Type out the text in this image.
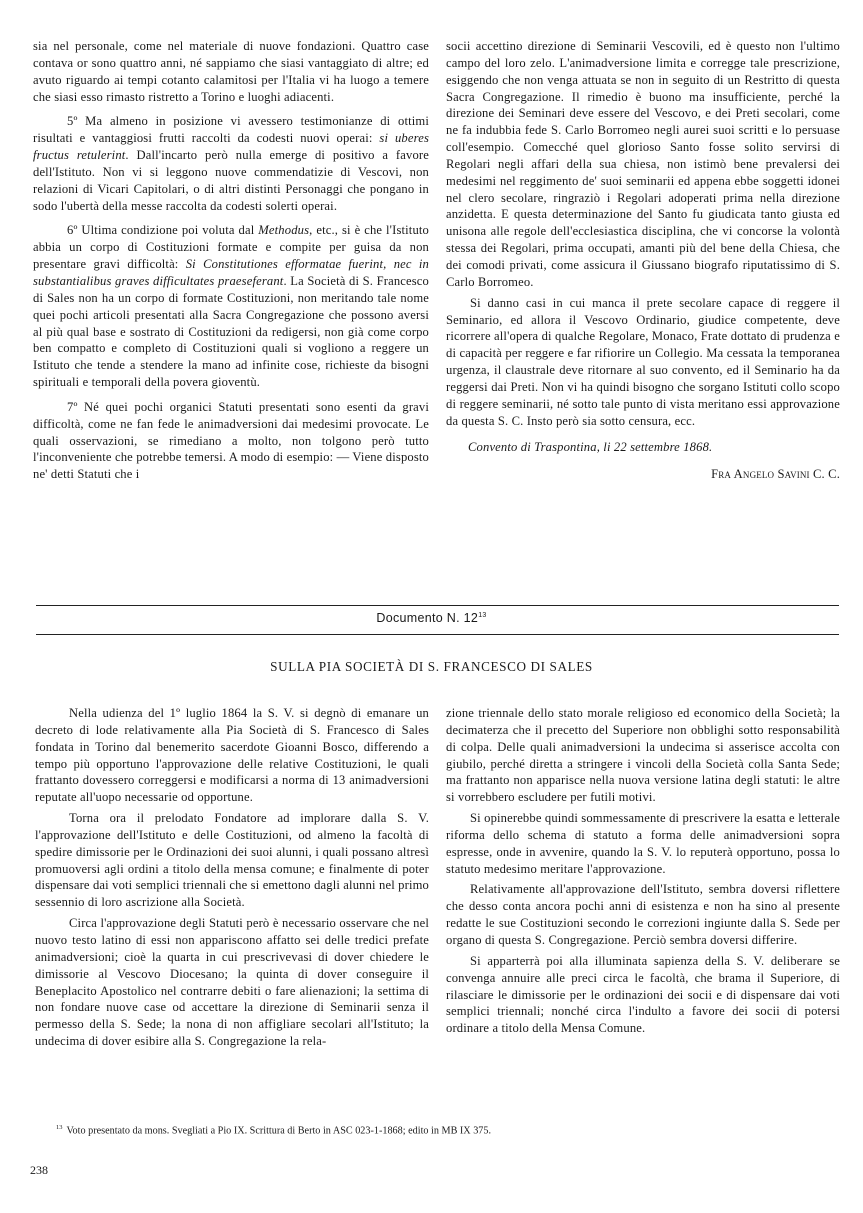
sia nel personale, come nel materiale di nuove fondazioni. Quattro case contava or sono quattro anni, né sappiamo che siasi vantaggiato di altre; ed avuto riguardo ai tempi cotanto calamitosi per l'Italia vi ha luogo a temere che siasi esso rimasto ristretto a Torino e luoghi adiacenti.

5º Ma almeno in posizione vi avessero testimonianze di ottimi risultati e vantaggiosi frutti raccolti da codesti nuovi operai: si uberes fructus retulerint. Dall'incarto però nulla emerge di positivo a favore dell'Istituto. Non vi si leggono nuove commendatizie di Vescovi, non relazioni di Vicari Capitolari, o di altri distinti Personaggi che pongano in sodo l'ubertà della messe raccolta da codesti solerti operai.

6º Ultima condizione poi voluta dal Methodus, etc., si è che l'Istituto abbia un corpo di Costituzioni formate e compite per guisa da non presentare gravi difficoltà: Si Constitutiones efformatae fuerint, nec in substantialibus graves difficultates praeseferant. La Società di S. Francesco di Sales non ha un corpo di formate Costituzioni, non meritando tale nome quei pochi articoli presentati alla Sacra Congregazione che possono aversi al più qual base e sostrato di Costituzioni da redigersi, non già come corpo ben compatto e completo di Costituzioni quali si vogliono a reggere un Istituto che tende a stendere la mano ad infinite cose, richieste da bisogni spirituali e temporali della povera gioventù.

7º Né quei pochi organici Statuti presentati sono esenti da gravi difficoltà, come ne fan fede le animadversioni dai medesimi provocate. Le quali osservazioni, se rimediano a molto, non tolgono però tutto l'inconveniente che potrebbe temersi. A modo di esempio: — Viene disposto ne' detti Statuti che i

socii accettino direzione di Seminarii Vescovili, ed è questo non l'ultimo campo del loro zelo. L'animadversione limita e corregge tale prescrizione, esiggendo che non venga attuata se non in seguito di un Restritto di questa Sacra Congregazione. Il rimedio è buono ma insufficiente, perché la direzione dei Seminari deve essere del Vescovo, e dei Preti secolari, come ne fa indubbia fede S. Carlo Borromeo negli aurei suoi scritti e lo persuase coll'esempio. Comecché quel glorioso Santo fosse solito servirsi di Regolari negli affari della sua chiesa, non istimò bene prevalersi dei medesimi nel reggimento de' suoi seminarii ed appena ebbe soggetti idonei nel clero secolare, ringraziò i Regolari adoperati prima nella direzione anzidetta. E questa determinazione del Santo fu giudicata tanto giusta ed unisona alle regole dell'ecclesiastica disciplina, che vi concorse la volontà stessa dei Regolari, prima occupati, amanti più del bene della Chiesa, che dei comodi privati, come assicura il Giussano biografo riputatissimo di S. Carlo Borromeo.

Si danno casi in cui manca il prete secolare capace di reggere il Seminario, ed allora il Vescovo Ordinario, giudice competente, deve ricorrere all'opera di qualche Regolare, Monaco, Frate dottato di prudenza e di capacità per reggere e far rifiorire un Collegio. Ma cessata la temporanea urgenza, il claustrale deve ritornare al suo convento, ed il Seminario ha da reggersi dai Preti. Non vi ha quindi bisogno che sorgano Istituti collo scopo di reggere seminarii, né sotto tale punto di vista meritano essi approvazione da questa S. C. Insto però sia sotto censura, ecc.

Convento di Traspontina, li 22 settembre 1868.

Fra Angelo Savini C. C.

Documento N. $12^{13}$
SULLA PIA SOCIETÀ DI S. FRANCESCO DI SALES

Nella udienza del 1º luglio 1864 la S. V. si degnò di emanare un decreto di lode relativamente alla Pia Società di S. Francesco di Sales fondata in Torino dal benemerito sacerdote Gioanni Bosco, differendo a tempo più opportuno l'approvazione delle relative Costituzioni, le quali frattanto dovessero correggersi e modificarsi a norma di 13 animadversioni reputate all'uopo necessarie od opportune.

Torna ora il prelodato Fondatore ad implorare dalla S. V. l'approvazione dell'Istituto e delle Costituzioni, od almeno la facoltà di spedire dimissorie per le Ordinazioni dei suoi alunni, i quali possano altresì promuoversi agli ordini a titolo della mensa comune; e finalmente di poter dispensare dai voti semplici triennali che si emettono dagli alunni nel primo sessennio di loro ascrizione alla Società.

Circa l'approvazione degli Statuti però è necessario osservare che nel nuovo testo latino di essi non appariscono affatto sei delle tredici prefate animadversioni; cioè la quarta in cui prescrivevasi di dover chiedere le dimissorie al Vescovo Diocesano; la quinta di dover conseguire il Beneplacito Apostolico nel contrarre debiti o fare alienazioni; la settima di non fondare nuove case od accettare la direzione di Seminarii senza il permesso della S. Sede; la nona di non affigliare secolari all'Istituto; la undecima di dover esibire alla S. Congregazione la rela-

zione triennale dello stato morale religioso ed economico della Società; la decimaterza che il precetto del Superiore non obblighi sotto responsabilità di colpa. Delle quali animadversioni la undecima si asserisce accolta con giubilo, perché diretta a stringere i vincoli della Società colla Santa Sede; ma frattanto non apparisce nella nuova versione latina degli statuti: le altre si vorrebbero escludere per futili motivi.

Si opinerebbe quindi sommessamente di prescrivere la esatta e letterale riforma dello schema di statuto a forma delle animadversioni sopra espresse, onde in avvenire, quando la S. V. lo reputerà opportuno, possa lo statuto medesimo meritare l'approvazione.

Relativamente all'approvazione dell'Istituto, sembra doversi riflettere che desso conta ancora pochi anni di esistenza e non ha sino al presente redatte le sue Costituzioni secondo le correzioni ingiunte dalla S. Sede per organo di questa S. Congregazione. Perciò sembra doversi differire.

Si apparterrà poi alla illuminata sapienza della S. V. deliberare se convenga annuire alle preci circa le facoltà, che brama il Superiore, di rilasciare le dimissorie per le ordinazioni dei socii e di dispensare dai voti semplici triennali; nonché circa l'indulto a favore dei socii di potersi ordinare a titolo della Mensa Comune.

$^{13}$ Voto presentato da mons. Svegliati a Pio IX. Scrittura di Berto in ASC 023-1-1868; edito in MB IX 375.
238
